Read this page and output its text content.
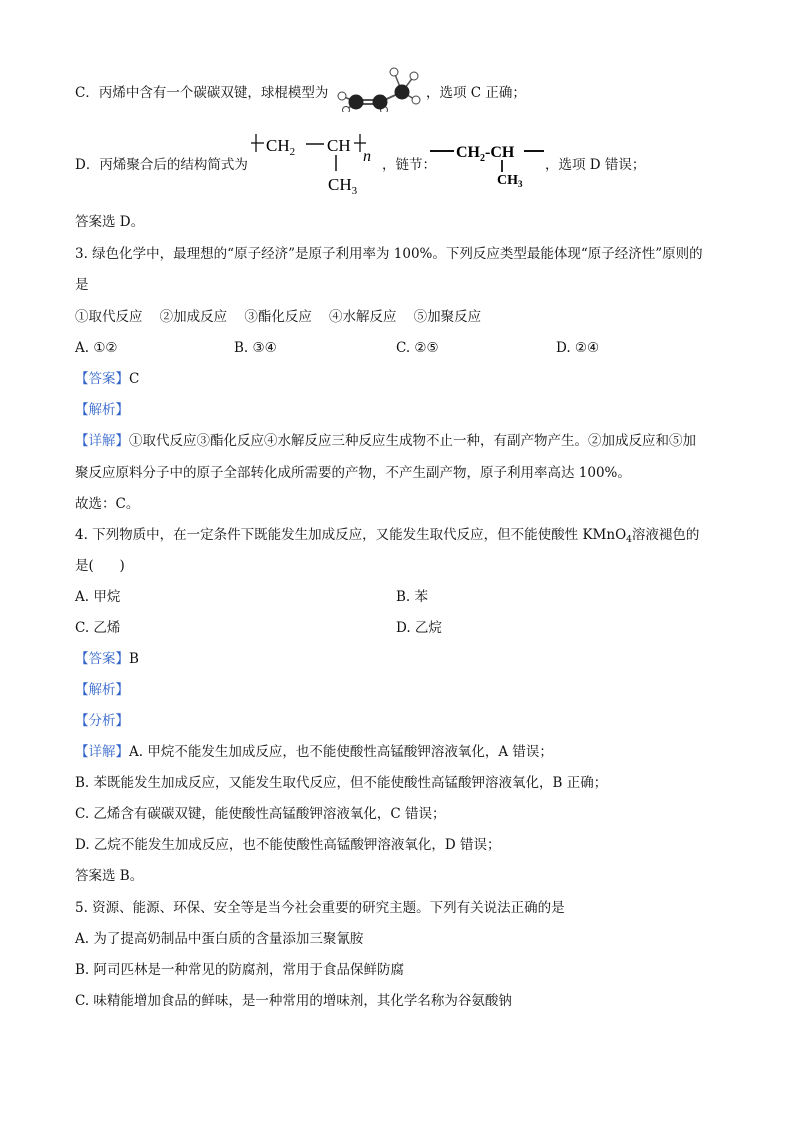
C．丙烯中含有一个碳碳双键，球棍模型为	，选项 C 正确；
D．丙烯聚合后的结构简式为
$CH_2$ CH
n
$CH_3$
，链节：
$CH_2-CH$
$CH_3$
，选项 D 错误；
答案选 D。
3. 绿色化学中，最理想的“原子经济”是原子利用率为 100%。下列反应类型最能体现“原子经济性”原则的
是
①取代反应    ②加成反应    ③酯化反应    ④水解反应    ⑤加聚反应
A. ①②	B. ③④	C. ②⑤	D. ②④
【答案】C
【解析】
【详解】①取代反应③酯化反应④水解反应三种反应生成物不止一种，有副产物产生。②加成反应和⑤加
聚反应原料分子中的原子全部转化成所需要的产物，不产生副产物，原子利用率高达 100%。
故选：C。
4. 下列物质中，在一定条件下既能发生加成反应，又能发生取代反应，但不能使酸性 KMnO$_4$溶液褪色的
是(      )
A. 甲烷	B. 苯
C. 乙烯	D. 乙烷
【答案】B
【解析】
【分析】
【详解】A. 甲烷不能发生加成反应，也不能使酸性高锰酸钾溶液氧化，A 错误；
B. 苯既能发生加成反应，又能发生取代反应，但不能使酸性高锰酸钾溶液氧化，B 正确；
C. 乙烯含有碳碳双键，能使酸性高锰酸钾溶液氧化，C 错误；
D. 乙烷不能发生加成反应，也不能使酸性高锰酸钾溶液氧化，D 错误；
答案选 B。
5. 资源、能源、环保、安全等是当今社会重要的研究主题。下列有关说法正确的是
A. 为了提高奶制品中蛋白质的含量添加三聚氰胺
B. 阿司匹林是一种常见的防腐剂，常用于食品保鲜防腐
C. 味精能增加食品的鲜味，是一种常用的增味剂，其化学名称为谷氨酸钠
